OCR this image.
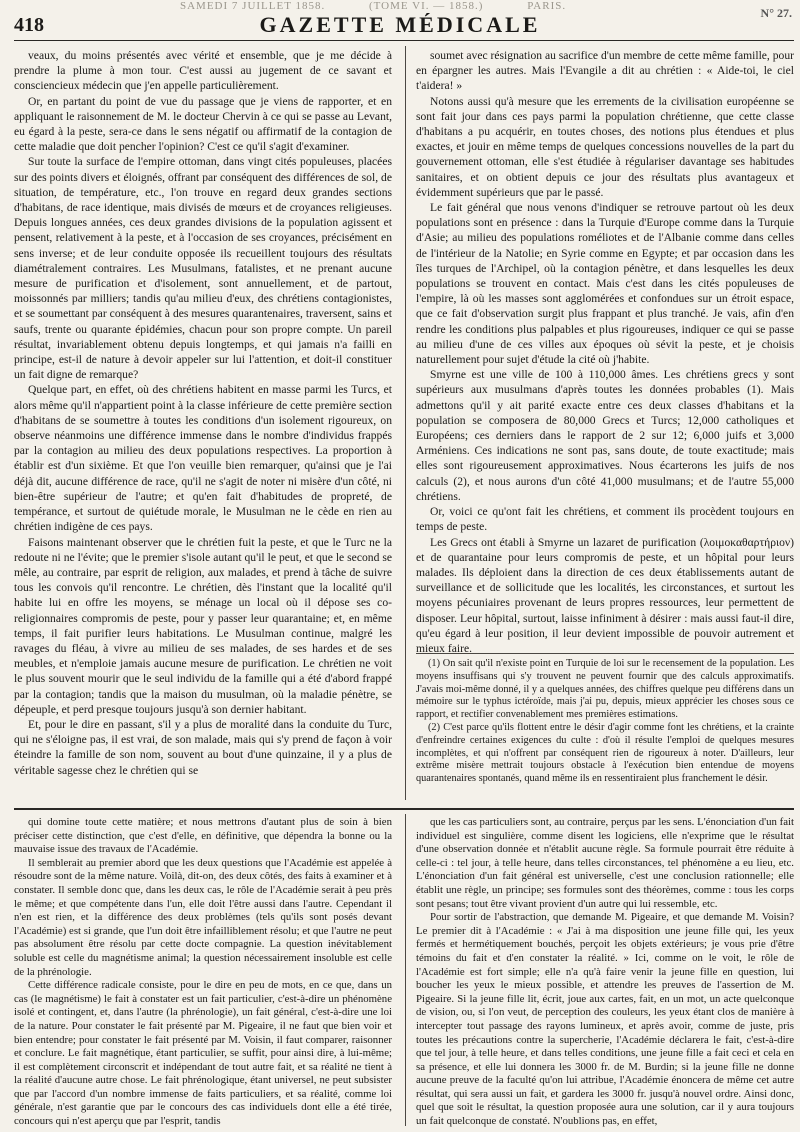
SAMEDI 7 JUILLET 1858.	(TOME VI. — 1858.)	PARIS.	N° 27.
418	GAZETTE MÉDICALE

veaux, du moins présentés avec vérité et ensemble, que je me décide à prendre la plume à mon tour. C'est aussi au jugement de ce savant et consciencieux médecin que j'en appelle particulièrement.

Or, en partant du point de vue du passage que je viens de rapporter, et en appliquant le raisonnement de M. le docteur Chervin à ce qui se passe au Levant, eu égard à la peste, sera-ce dans le sens négatif ou affirmatif de la contagion de cette maladie que doit pencher l'opinion? C'est ce qu'il s'agit d'examiner.

Sur toute la surface de l'empire ottoman, dans vingt cités populeuses, placées sur des points divers et éloignés, offrant par conséquent des différences de sol, de situation, de température, etc., l'on trouve en regard deux grandes sections d'habitans, de race identique, mais divisés de mœurs et de croyances religieuses. Depuis longues années, ces deux grandes divisions de la population agissent et pensent, relativement à la peste, et à l'occasion de ses croyances, précisément en sens inverse; et de leur conduite opposée ils recueillent toujours des résultats diamétralement contraires. Les Musulmans, fatalistes, et ne prenant aucune mesure de purification et d'isolement, sont annuellement, et de partout, moissonnés par milliers; tandis qu'au milieu d'eux, des chrétiens contagionistes, et se soumettant par conséquent à des mesures quarantenaires, traversent, sains et saufs, trente ou quarante épidémies, chacun pour son propre compte. Un pareil résultat, invariablement obtenu depuis longtemps, et qui jamais n'a failli en principe, est-il de nature à devoir appeler sur lui l'attention, et doit-il constituer un fait digne de remarque?

Quelque part, en effet, où des chrétiens habitent en masse parmi les Turcs, et alors même qu'il n'appartient point à la classe inférieure de cette première section d'habitans de se soumettre à toutes les conditions d'un isolement rigoureux, on observe néanmoins une différence immense dans le nombre d'individus frappés par la contagion au milieu des deux populations respectives. La proportion à établir est d'un sixième. Et que l'on veuille bien remarquer, qu'ainsi que je l'ai déjà dit, aucune différence de race, qu'il ne s'agit de noter ni misère d'un côté, ni bien-être supérieur de l'autre; et qu'en fait d'habitudes de propreté, de tempérance, et surtout de quiétude morale, le Musulman ne le cède en rien au chrétien indigène de ces pays.

Faisons maintenant observer que le chrétien fuit la peste, et que le Turc ne la redoute ni ne l'évite; que le premier s'isole autant qu'il le peut, et que le second se mêle, au contraire, par esprit de religion, aux malades, et prend à tâche de suivre tous les convois qu'il rencontre. Le chrétien, dès l'instant que la localité qu'il habite lui en offre les moyens, se ménage un local où il dépose ses co-religionnaires compromis de peste, pour y passer leur quarantaine; et, en même temps, il fait purifier leurs habitations. Le Musulman continue, malgré les ravages du fléau, à vivre au milieu de ses malades, de ses hardes et de ses meubles, et n'emploie jamais aucune mesure de purification. Le chrétien ne voit le plus souvent mourir que le seul individu de la famille qui a été d'abord frappé par la contagion; tandis que la maison du musulman, où la maladie pénètre, se dépeuple, et perd presque toujours jusqu'à son dernier habitant.

Et, pour le dire en passant, s'il y a plus de moralité dans la conduite du Turc, qui ne s'éloigne pas, il est vrai, de son malade, mais qui s'y prend de façon à voir éteindre la famille de son nom, souvent au bout d'une quinzaine, il y a plus de véritable sagesse chez le chrétien qui se

soumet avec résignation au sacrifice d'un membre de cette même famille, pour en épargner les autres. Mais l'Evangile a dit au chrétien : « Aide-toi, le ciel t'aidera! »

Notons aussi qu'à mesure que les errements de la civilisation européenne se sont fait jour dans ces pays parmi la population chrétienne, que cette classe d'habitans a pu acquérir, en toutes choses, des notions plus étendues et plus exactes, et jouir en même temps de quelques concessions nouvelles de la part du gouvernement ottoman, elle s'est étudiée à régulariser davantage ses habitudes sanitaires, et on obtient depuis ce jour des résultats plus avantageux et évidemment supérieurs que par le passé.

Le fait général que nous venons d'indiquer se retrouve partout où les deux populations sont en présence : dans la Turquie d'Europe comme dans la Turquie d'Asie; au milieu des populations roméliotes et de l'Albanie comme dans celles de l'intérieur de la Natolie; en Syrie comme en Egypte; et par occasion dans les îles turques de l'Archipel, où la contagion pénètre, et dans lesquelles les deux populations se trouvent en contact. Mais c'est dans les cités populeuses de l'empire, là où les masses sont agglomérées et confondues sur un étroit espace, que ce fait d'observation surgit plus frappant et plus tranché. Je vais, afin d'en rendre les conditions plus palpables et plus rigoureuses, indiquer ce qui se passe au milieu d'une de ces villes aux époques où sévit la peste, et je choisis naturellement pour sujet d'étude la cité où j'habite.

Smyrne est une ville de 100 à 110,000 âmes. Les chrétiens grecs y sont supérieurs aux musulmans d'après toutes les données probables (1). Mais admettons qu'il y ait parité exacte entre ces deux classes d'habitans et la population se composera de 80,000 Grecs et Turcs; 12,000 catholiques et Européens; ces derniers dans le rapport de 2 sur 12; 6,000 juifs et 3,000 Arméniens. Ces indications ne sont pas, sans doute, de toute exactitude; mais elles sont rigoureusement approximatives. Nous écarterons les juifs de nos calculs (2), et nous aurons d'un côté 41,000 musulmans; et de l'autre 55,000 chrétiens.

Or, voici ce qu'ont fait les chrétiens, et comment ils procèdent toujours en temps de peste.

Les Grecs ont établi à Smyrne un lazaret de purification (λοιμοκαθαρτήριον) et de quarantaine pour leurs compromis de peste, et un hôpital pour leurs malades. Ils déploient dans la direction de ces deux établissements autant de surveillance et de sollicitude que les localités, les circonstances, et surtout les moyens pécuniaires provenant de leurs propres ressources, leur permettent de disposer. Leur hôpital, surtout, laisse infiniment à désirer : mais aussi faut-il dire, qu'eu égard à leur position, il leur devient impossible de pouvoir autrement et mieux faire.

(1) On sait qu'il n'existe point en Turquie de loi sur le recensement de la population. Les moyens insuffisans qui s'y trouvent ne peuvent fournir que des calculs approximatifs. J'avais moi-même donné, il y a quelques années, des chiffres quelque peu différens dans un mémoire sur le typhus ictéroïde, mais j'ai pu, depuis, mieux apprécier les choses sous ce rapport, et rectifier convenablement mes premières estimations.

(2) C'est parce qu'ils flottent entre le désir d'agir comme font les chrétiens, et la crainte d'enfreindre certaines exigences du culte : d'où il résulte l'emploi de quelques mesures incomplètes, et qui n'offrent par conséquent rien de rigoureux à noter. D'ailleurs, leur extrême misère mettrait toujours obstacle à l'exécution bien entendue de moyens quarantenaires spontanés, quand même ils en ressentiraient plus franchement le désir.

qui domine toute cette matière; et nous mettrons d'autant plus de soin à bien préciser cette distinction, que c'est d'elle, en définitive, que dépendra la bonne ou la mauvaise issue des travaux de l'Académie.

Il semblerait au premier abord que les deux questions que l'Académie est appelée à résoudre sont de la même nature. Voilà, dit-on, des deux côtés, des faits à examiner et à constater. Il semble donc que, dans les deux cas, le rôle de l'Académie serait à peu près le même; et que compétente dans l'un, elle doit l'être aussi dans l'autre. Cependant il n'en est rien, et la différence des deux problèmes (tels qu'ils sont posés devant l'Académie) est si grande, que l'un doit être infailliblement résolu; et que l'autre ne peut pas absolument être résolu par cette docte compagnie. La question inévitablement soluble est celle du magnétisme animal; la question nécessairement insoluble est celle de la phrénologie.

Cette différence radicale consiste, pour le dire en peu de mots, en ce que, dans un cas (le magnétisme) le fait à constater est un fait particulier, c'est-à-dire un phénomène isolé et contingent, et, dans l'autre (la phrénologie), un fait général, c'est-à-dire une loi de la nature. Pour constater le fait présenté par M. Pigeaire, il ne faut que bien voir et bien entendre; pour constater le fait présenté par M. Voisin, il faut comparer, raisonner et conclure. Le fait magnétique, étant particulier, se suffit, pour ainsi dire, à lui-même; il est complètement circonscrit et indépendant de tout autre fait, et sa réalité ne tient à la réalité d'aucune autre chose. Le fait phrénologique, étant universel, ne peut subsister que par l'accord d'un nombre immense de faits particuliers, et sa réalité, comme loi générale, n'est garantie que par le concours des cas individuels dont elle a été tirée, concours qui n'est aperçu que par l'esprit, tandis

que les cas particuliers sont, au contraire, perçus par les sens. L'énonciation d'un fait individuel est singulière, comme disent les logiciens, elle n'exprime que le résultat d'une observation donnée et n'établit aucune règle. Sa formule pourrait être réduite à celle-ci : tel jour, à telle heure, dans telles circonstances, tel phénomène a eu lieu, etc. L'énonciation d'un fait général est universelle, c'est une conclusion rationnelle; elle établit une règle, un principe; ses formules sont des théorèmes, comme : tous les corps sont pesans; tout être vivant provient d'un autre qui lui ressemble, etc.

Pour sortir de l'abstraction, que demande M. Pigeaire, et que demande M. Voisin? Le premier dit à l'Académie : « J'ai à ma disposition une jeune fille qui, les yeux fermés et hermétiquement bouchés, perçoit les objets extérieurs; je vous prie d'être témoins du fait et d'en constater la réalité. » Ici, comme on le voit, le rôle de l'Académie est fort simple; elle n'a qu'à faire venir la jeune fille en question, lui boucher les yeux le mieux possible, et attendre les preuves de l'assertion de M. Pigeaire. Si la jeune fille lit, écrit, joue aux cartes, fait, en un mot, un acte quelconque de vision, ou, si l'on veut, de perception des couleurs, les yeux étant clos de manière à intercepter tout passage des rayons lumineux, et après avoir, comme de juste, pris toutes les précautions contre la supercherie, l'Académie déclarera le fait, c'est-à-dire que tel jour, à telle heure, et dans telles conditions, une jeune fille a fait ceci et cela en sa présence, et elle lui donnera les 3000 fr. de M. Burdin; si la jeune fille ne donne aucune preuve de la faculté qu'on lui attribue, l'Académie énoncera de même cet autre résultat, qui sera aussi un fait, et gardera les 3000 fr. jusqu'à nouvel ordre. Ainsi donc, quel que soit le résultat, la question proposée aura une solution, car il y aura toujours un fait quelconque de constaté. N'oublions pas, en effet,
